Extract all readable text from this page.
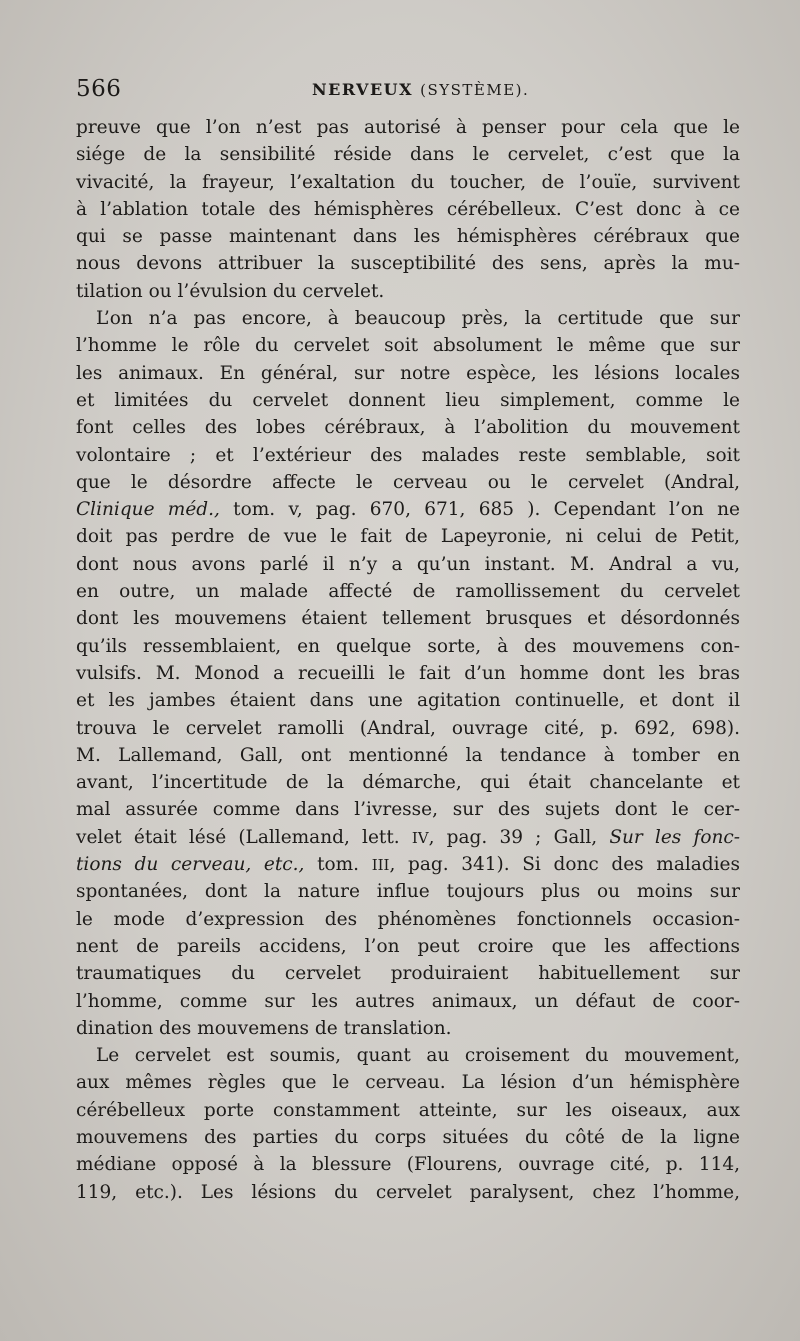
566	NERVEUX (SYSTÈME).
preuve que l’on n’est pas autorisé à penser pour cela que le
siége de la sensibilité réside dans le cervelet, c’est que la
vivacité, la frayeur, l’exaltation du toucher, de l’ouïe, survivent
à l’ablation totale des hémisphères cérébelleux. C’est donc à ce
qui se passe maintenant dans les hémisphères cérébraux que
nous devons attribuer la susceptibilité des sens, après la mu-
tilation ou l’évulsion du cervelet.
L’on n’a pas encore, à beaucoup près, la certitude que sur
l’homme le rôle du cervelet soit absolument le même que sur
les animaux. En général, sur notre espèce, les lésions locales
et limitées du cervelet donnent lieu simplement, comme le
font celles des lobes cérébraux, à l’abolition du mouvement
volontaire ; et l’extérieur des malades reste semblable, soit
que le désordre affecte le cerveau ou le cervelet (Andral,
Clinique méd., tom. v, pag. 670, 671, 685 ). Cependant l’on ne
doit pas perdre de vue le fait de Lapeyronie, ni celui de Petit,
dont nous avons parlé il n’y a qu’un instant. M. Andral a vu,
en outre, un malade affecté de ramollissement du cervelet
dont les mouvemens étaient tellement brusques et désordonnés
qu’ils ressemblaient, en quelque sorte, à des mouvemens con-
vulsifs. M. Monod a recueilli le fait d’un homme dont les bras
et les jambes étaient dans une agitation continuelle, et dont il
trouva le cervelet ramolli (Andral, ouvrage cité, p. 692, 698).
M. Lallemand, Gall, ont mentionné la tendance à tomber en
avant, l’incertitude de la démarche, qui était chancelante et
mal assurée comme dans l’ivresse, sur des sujets dont le cer-
velet était lésé (Lallemand, lett. IV, pag. 39 ; Gall, Sur les fonc-
tions du cerveau, etc., tom. III, pag. 341). Si donc des maladies
spontanées, dont la nature influe toujours plus ou moins sur
le mode d’expression des phénomènes fonctionnels occasion-
nent de pareils accidens, l’on peut croire que les affections
traumatiques du cervelet produiraient habituellement sur
l’homme, comme sur les autres animaux, un défaut de coor-
dination des mouvemens de translation.
Le cervelet est soumis, quant au croisement du mouvement,
aux mêmes règles que le cerveau. La lésion d’un hémisphère
cérébelleux porte constamment atteinte, sur les oiseaux, aux
mouvemens des parties du corps situées du côté de la ligne
médiane opposé à la blessure (Flourens, ouvrage cité, p. 114,
119, etc.). Les lésions du cervelet paralysent, chez l’homme,
